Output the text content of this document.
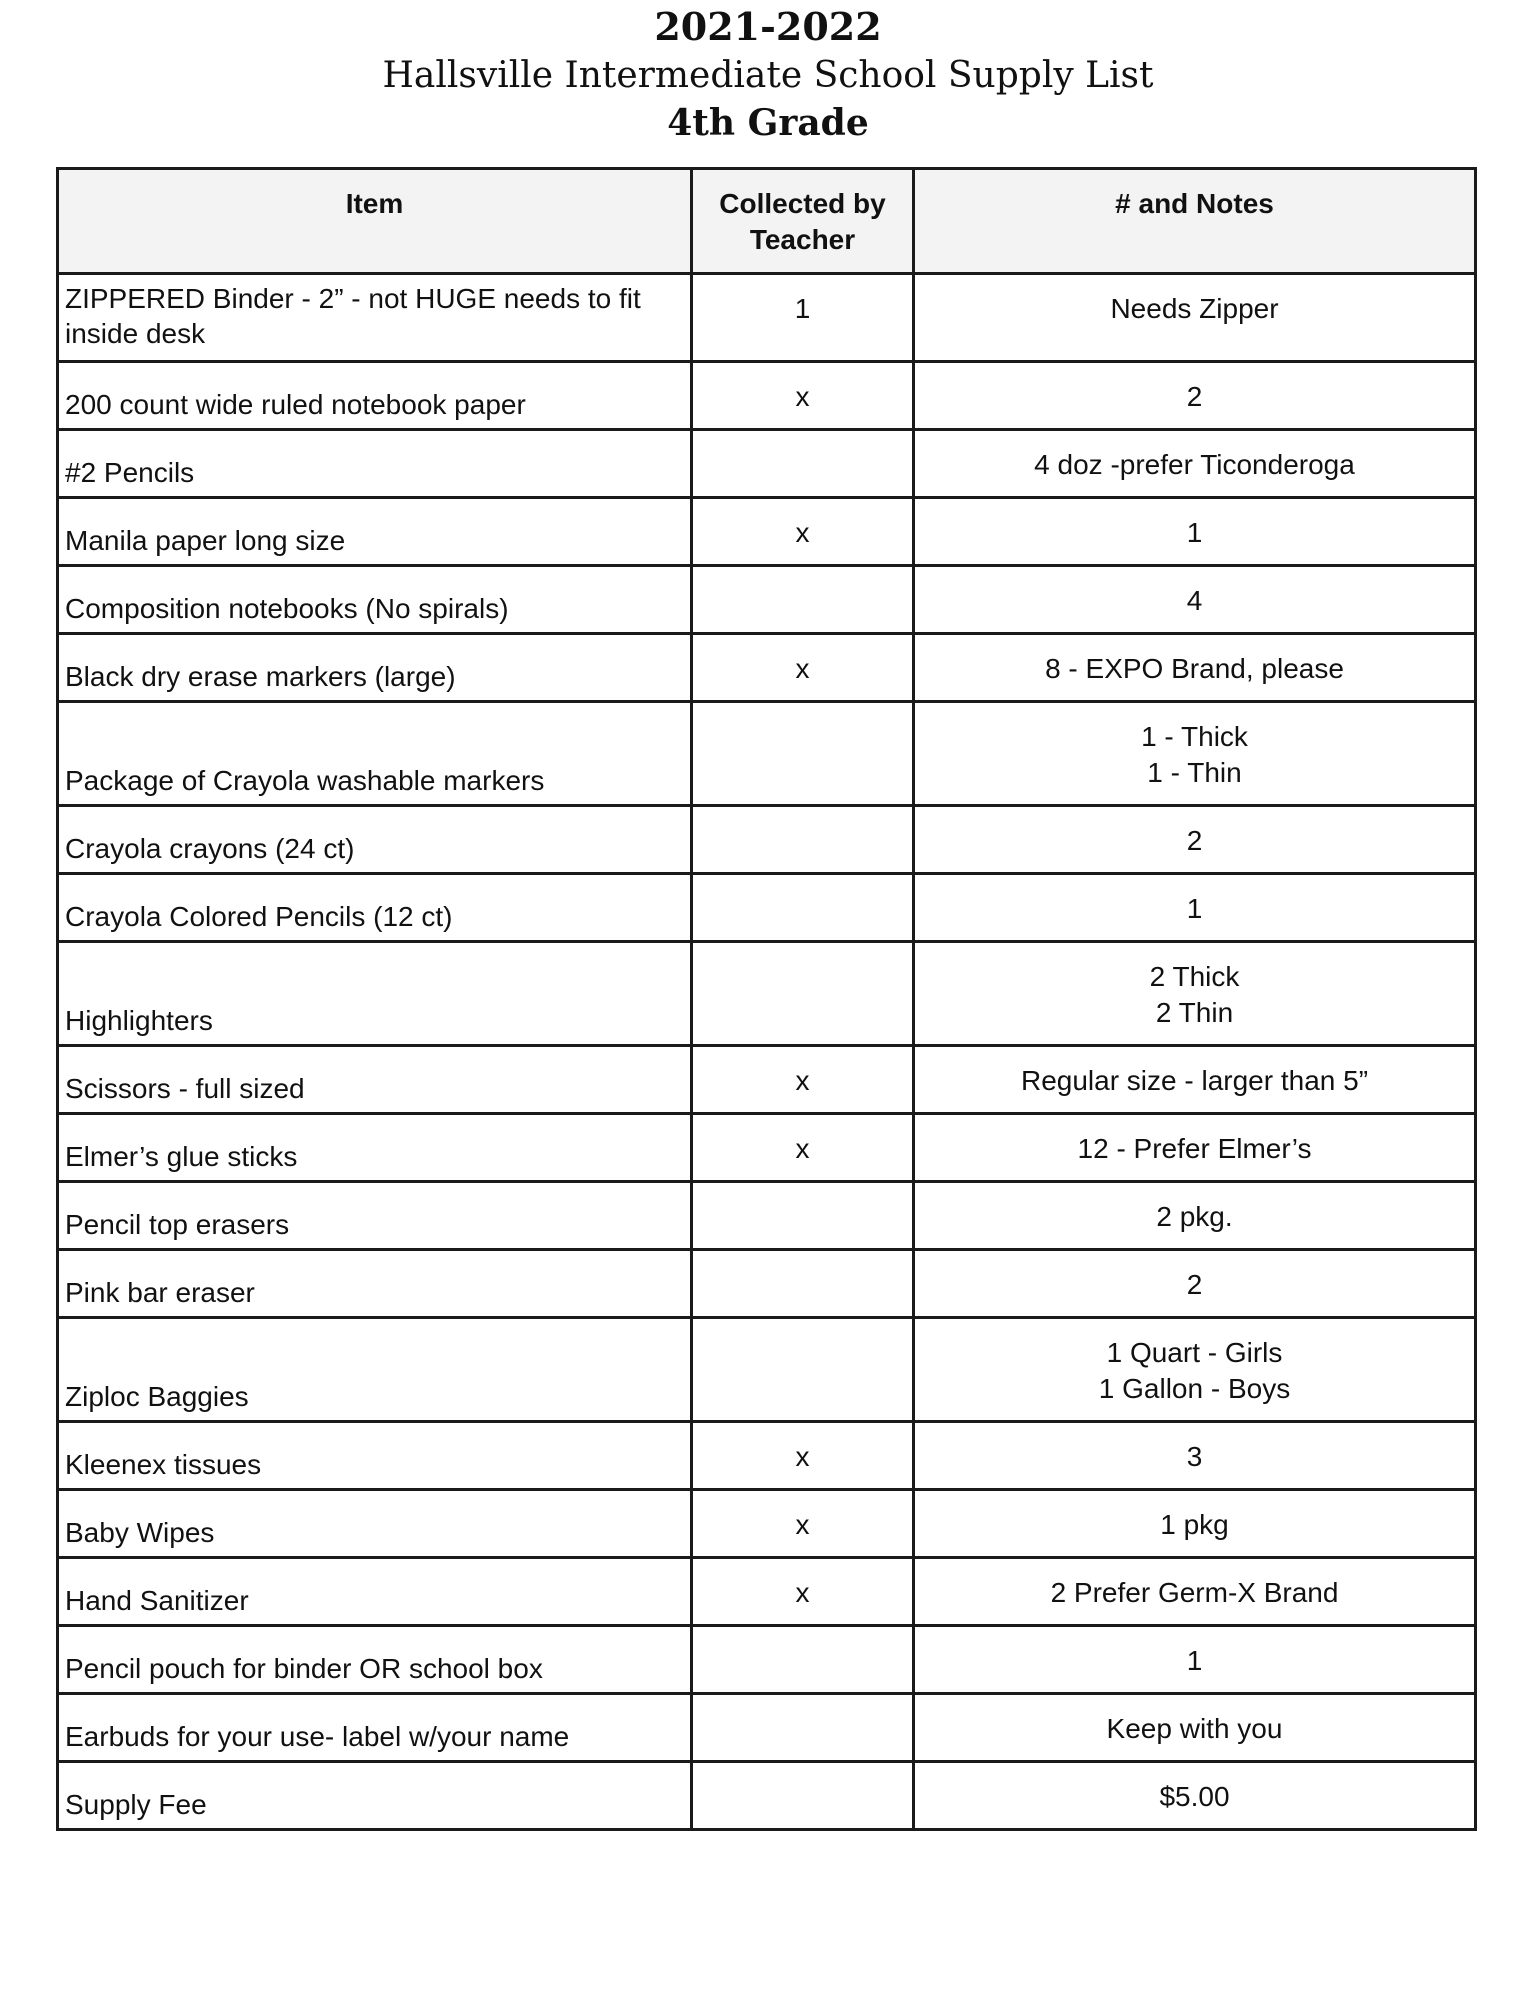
2021-2022
Hallsville Intermediate School Supply List
4th Grade
Item	Collected by Teacher	# and Notes
ZIPPERED Binder - 2” - not HUGE needs to fit inside desk	1	Needs Zipper

200 count wide ruled notebook paper	x	2

#2 Pencils		4 doz -prefer Ticonderoga

Manila paper long size	x	1

Composition notebooks (No spirals)		4

Black dry erase markers (large)	x	8 - EXPO Brand, please

Package of Crayola washable markers		1 - Thick
1 - Thin

Crayola crayons (24 ct)		2

Crayola Colored Pencils (12 ct)		1

Highlighters		2 Thick
2 Thin

Scissors - full sized	x	Regular size - larger than 5”

Elmer’s glue sticks	x	12 - Prefer Elmer’s

Pencil top erasers		2 pkg.

Pink bar eraser		2

Ziploc Baggies		1 Quart - Girls
1 Gallon - Boys

Kleenex tissues	x	3

Baby Wipes	x	1 pkg

Hand Sanitizer	x	2 Prefer Germ-X Brand

Pencil pouch for binder OR school box		1

Earbuds for your use- label w/your name		Keep with you

Supply Fee		$5.00
